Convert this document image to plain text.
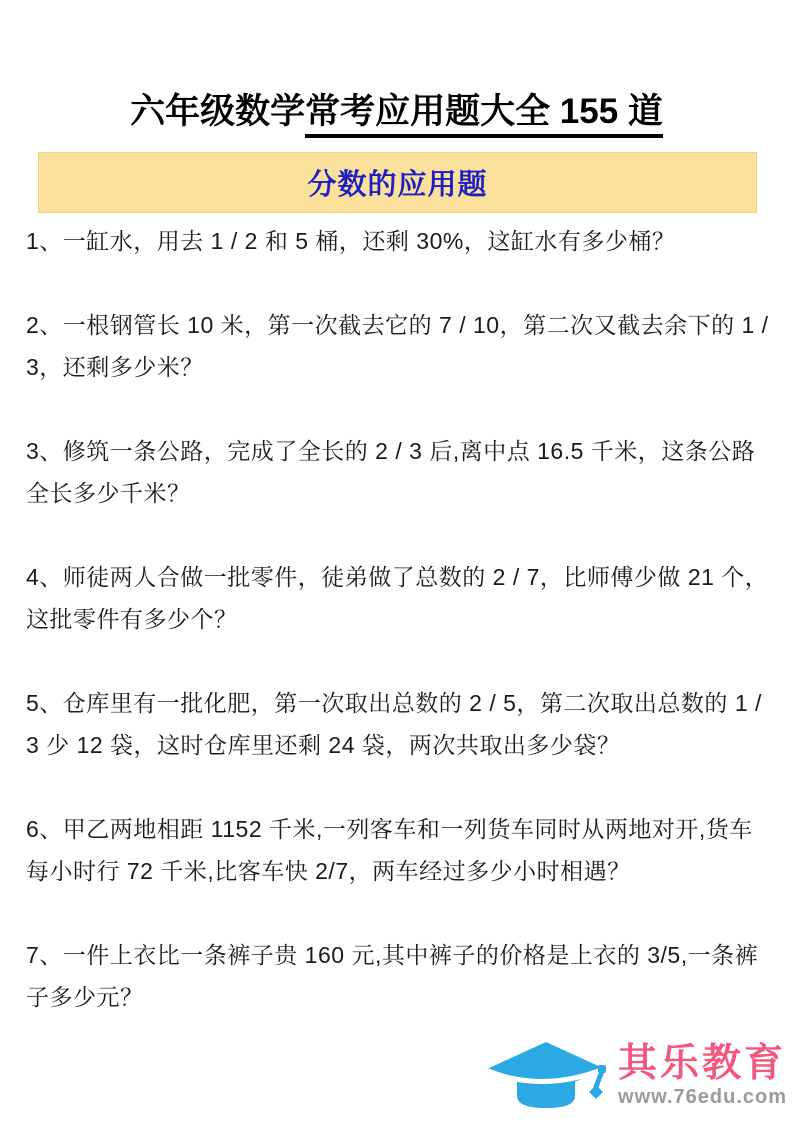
六年级数学常考应用题大全 155 道
分数的应用题

1、一缸水，用去 1 / 2 和 5 桶，还剩 30%，这缸水有多少桶？

2、一根钢管长 10 米，第一次截去它的 7 / 10，第二次又截去余下的 1 / 3，还剩多少米？

3、修筑一条公路，完成了全长的 2 / 3 后,离中点 16.5 千米，这条公路全长多少千米？

4、师徒两人合做一批零件，徒弟做了总数的 2 / 7，比师傅少做 21 个，这批零件有多少个？

5、仓库里有一批化肥，第一次取出总数的 2 / 5，第二次取出总数的 1 / 3 少 12 袋，这时仓库里还剩 24 袋，两次共取出多少袋？

6、甲乙两地相距 1152 千米,一列客车和一列货车同时从两地对开,货车每小时行 72 千米,比客车快 2/7，两车经过多少小时相遇？

7、一件上衣比一条裤子贵 160 元,其中裤子的价格是上衣的 3/5,一条裤子多少元？

其乐教育
www.76edu.com
